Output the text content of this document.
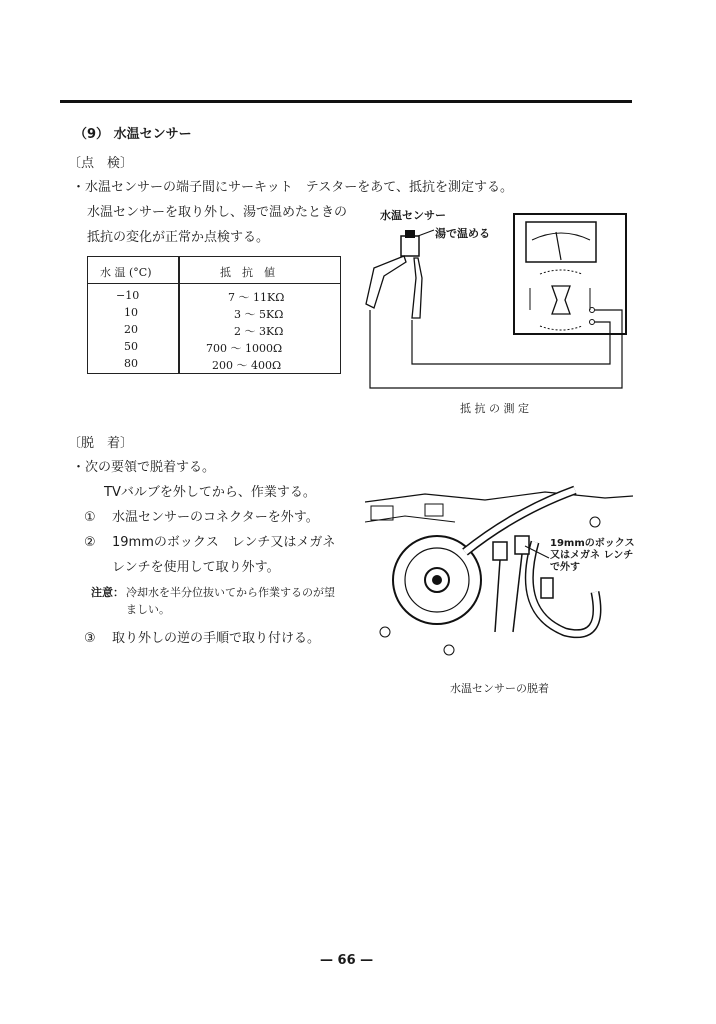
（9） 水温センサー
〔点　検〕
・水温センサーの端子間にサーキット　テスターをあて、抵抗を測定する。
水温センサーを取り外し、湯で温めたときの
抵抗の変化が正常か点検する。
水 温 (°C)	抵　抗　値
−10	7 〜 11KΩ
10	3 〜 5KΩ
20	2 〜 3KΩ
50	700 〜 1000Ω
80	200 〜 400Ω
水温センサー
湯で温める
抵 抗 の 測 定
〔脱　着〕
・次の要領で脱着する。
TVバルブを外してから、作業する。
① 水温センサーのコネクターを外す。
② 19mmのボックス　レンチ又はメガネ
レンチを使用して取り外す。
注意： 冷却水を半分位抜いてから作業するのが望
ましい。
③ 取り外しの逆の手順で取り付ける。
19mmのボックス
又はメガネ レンチ
で外す
水温センサーの脱着
— 66 —
